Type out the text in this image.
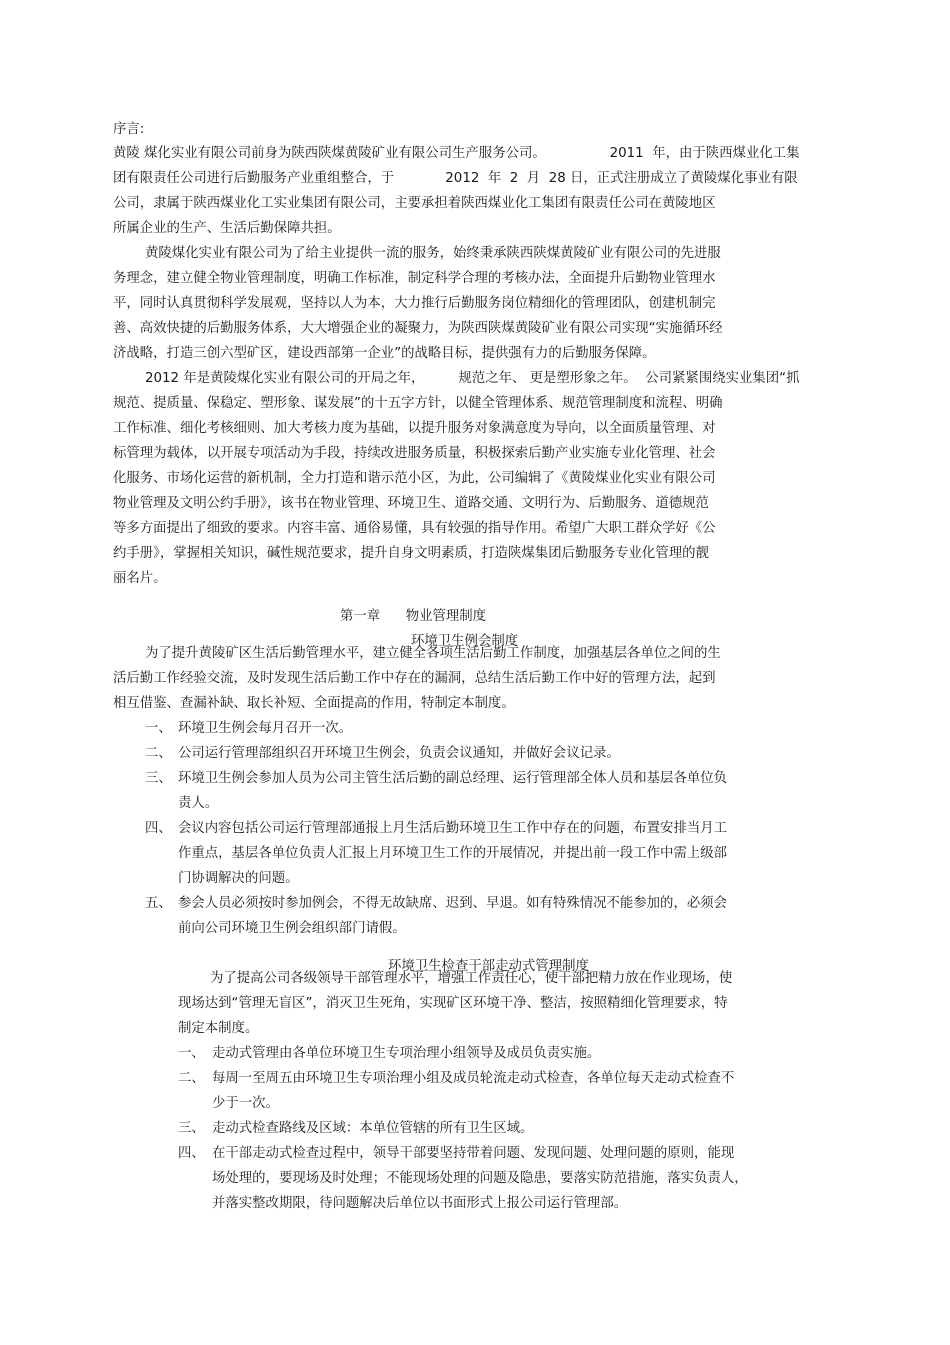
序言:

黄陵 煤化实业有限公司前身为陕西陕煤黄陵矿业有限公司生产服务公司。               2011  年，由于陕西煤业化工集

团有限责任公司进行后勤服务产业重组整合，于            2012  年  2  月  28 日，正式注册成立了黄陵煤化事业有限

公司，隶属于陕西煤业化工实业集团有限公司，主要承担着陕西煤业化工集团有限责任公司在黄陵地区

所属企业的生产、生活后勤保障共担。

黄陵煤化实业有限公司为了给主业提供一流的服务，始终秉承陕西陕煤黄陵矿业有限公司的先进服

务理念，建立健全物业管理制度，明确工作标准，制定科学合理的考核办法，全面提升后勤物业管理水

平，同时认真贯彻科学发展观，坚持以人为本，大力推行后勤服务岗位精细化的管理团队，创建机制完

善、高效快捷的后勤服务体系，大大增强企业的凝聚力，为陕西陕煤黄陵矿业有限公司实现“实施循环经

济战略，打造三创六型矿区，建设西部第一企业”的战略目标，提供强有力的后勤服务保障。

2012 年是黄陵煤化实业有限公司的开局之年，        规范之年、 更是塑形象之年。  公司紧紧围绕实业集团“抓

规范、提质量、保稳定、塑形象、谋发展”的十五字方针，以健全管理体系、规范管理制度和流程、明确

工作标准、细化考核细则、加大考核力度为基础，以提升服务对象满意度为导向，以全面质量管理、对

标管理为载体，以开展专项活动为手段，持续改进服务质量，积极探索后勤产业实施专业化管理、社会

化服务、市场化运营的新机制，全力打造和谐示范小区，为此，公司编辑了《黄陵煤业化实业有限公司

物业管理及文明公约手册》，该书在物业管理、环境卫生、道路交通、文明行为、后勤服务、道德规范

等多方面提出了细致的要求。内容丰富、通俗易懂，具有较强的指导作用。希望广大职工群众学好《公

约手册》，掌握相关知识，碱性规范要求，提升自身文明素质，打造陕煤集团后勤服务专业化管理的靓

丽名片。

第一章      物业管理制度

环境卫生例会制度

为了提升黄陵矿区生活后勤管理水平，建立健全各项生活后勤工作制度，加强基层各单位之间的生

活后勤工作经验交流，及时发现生活后勤工作中存在的漏洞，总结生活后勤工作中好的管理方法，起到

相互借鉴、查漏补缺、取长补短、全面提高的作用，特制定本制度。

一、 环境卫生例会每月召开一次。

二、 公司运行管理部组织召开环境卫生例会，负责会议通知，并做好会议记录。

三、 环境卫生例会参加人员为公司主管生活后勤的副总经理、运行管理部全体人员和基层各单位负

责人。

四、 会议内容包括公司运行管理部通报上月生活后勤环境卫生工作中存在的问题，布置安排当月工

作重点，基层各单位负责人汇报上月环境卫生工作的开展情况，并提出前一段工作中需上级部

门协调解决的问题。

五、 参会人员必须按时参加例会，不得无故缺席、迟到、早退。如有特殊情况不能参加的，必须会

前向公司环境卫生例会组织部门请假。

环境卫生检查干部走动式管理制度

为了提高公司各级领导干部管理水平，增强工作责任心，使干部把精力放在作业现场，使

现场达到“管理无盲区”，消灭卫生死角，实现矿区环境干净、整洁，按照精细化管理要求，特

制定本制度。

一、 走动式管理由各单位环境卫生专项治理小组领导及成员负责实施。

二、 每周一至周五由环境卫生专项治理小组及成员轮流走动式检查，各单位每天走动式检查不

少于一次。

三、 走动式检查路线及区域：本单位管辖的所有卫生区域。

四、 在干部走动式检查过程中，领导干部要坚持带着问题、发现问题、处理问题的原则，能现

场处理的，要现场及时处理；不能现场处理的问题及隐患，要落实防范措施，落实负责人，

并落实整改期限，待问题解决后单位以书面形式上报公司运行管理部。
